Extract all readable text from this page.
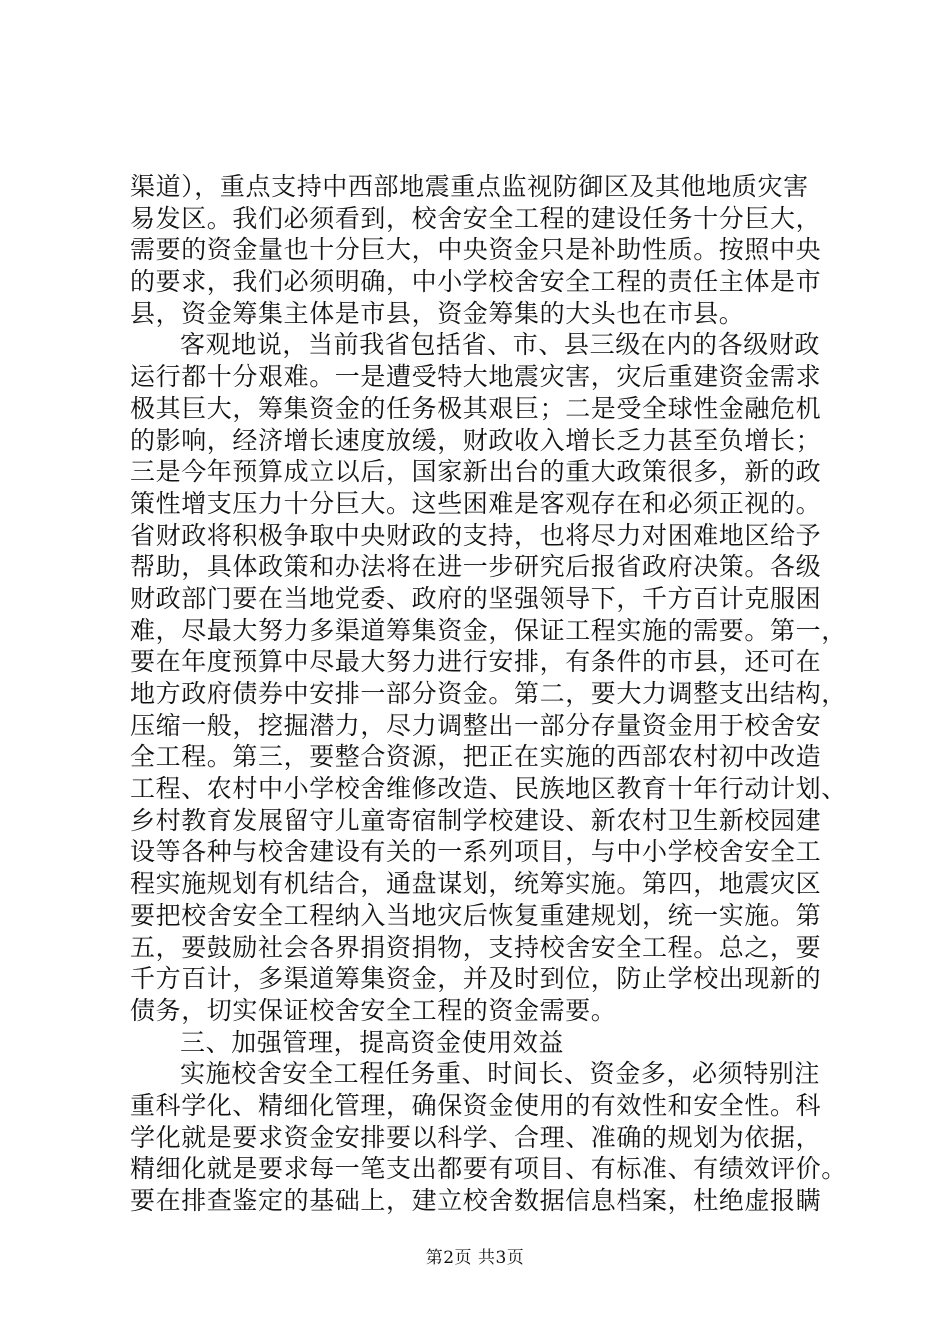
渠道），重点支持中西部地震重点监视防御区及其他地质灾害
易发区。我们必须看到，校舍安全工程的建设任务十分巨大，
需要的资金量也十分巨大，中央资金只是补助性质。按照中央
的要求，我们必须明确，中小学校舍安全工程的责任主体是市
县，资金筹集主体是市县，资金筹集的大头也在市县。
客观地说，当前我省包括省、市、县三级在内的各级财政
运行都十分艰难。一是遭受特大地震灾害，灾后重建资金需求
极其巨大，筹集资金的任务极其艰巨；二是受全球性金融危机
的影响，经济增长速度放缓，财政收入增长乏力甚至负增长；
三是今年预算成立以后，国家新出台的重大政策很多，新的政
策性增支压力十分巨大。这些困难是客观存在和必须正视的。
省财政将积极争取中央财政的支持，也将尽力对困难地区给予
帮助，具体政策和办法将在进一步研究后报省政府决策。各级
财政部门要在当地党委、政府的坚强领导下，千方百计克服困
难，尽最大努力多渠道筹集资金，保证工程实施的需要。第一，
要在年度预算中尽最大努力进行安排，有条件的市县，还可在
地方政府债券中安排一部分资金。第二，要大力调整支出结构，
压缩一般，挖掘潜力，尽力调整出一部分存量资金用于校舍安
全工程。第三，要整合资源，把正在实施的西部农村初中改造
工程、农村中小学校舍维修改造、民族地区教育十年行动计划、
乡村教育发展留守儿童寄宿制学校建设、新农村卫生新校园建
设等各种与校舍建设有关的一系列项目，与中小学校舍安全工
程实施规划有机结合，通盘谋划，统筹实施。第四，地震灾区
要把校舍安全工程纳入当地灾后恢复重建规划，统一实施。第
五，要鼓励社会各界捐资捐物，支持校舍安全工程。总之，要
千方百计，多渠道筹集资金，并及时到位，防止学校出现新的
债务，切实保证校舍安全工程的资金需要。
三、加强管理，提高资金使用效益
实施校舍安全工程任务重、时间长、资金多，必须特别注
重科学化、精细化管理，确保资金使用的有效性和安全性。科
学化就是要求资金安排要以科学、合理、准确的规划为依据，
精细化就是要求每一笔支出都要有项目、有标准、有绩效评价。
要在排查鉴定的基础上，建立校舍数据信息档案，杜绝虚报瞒
第2页 共3页
